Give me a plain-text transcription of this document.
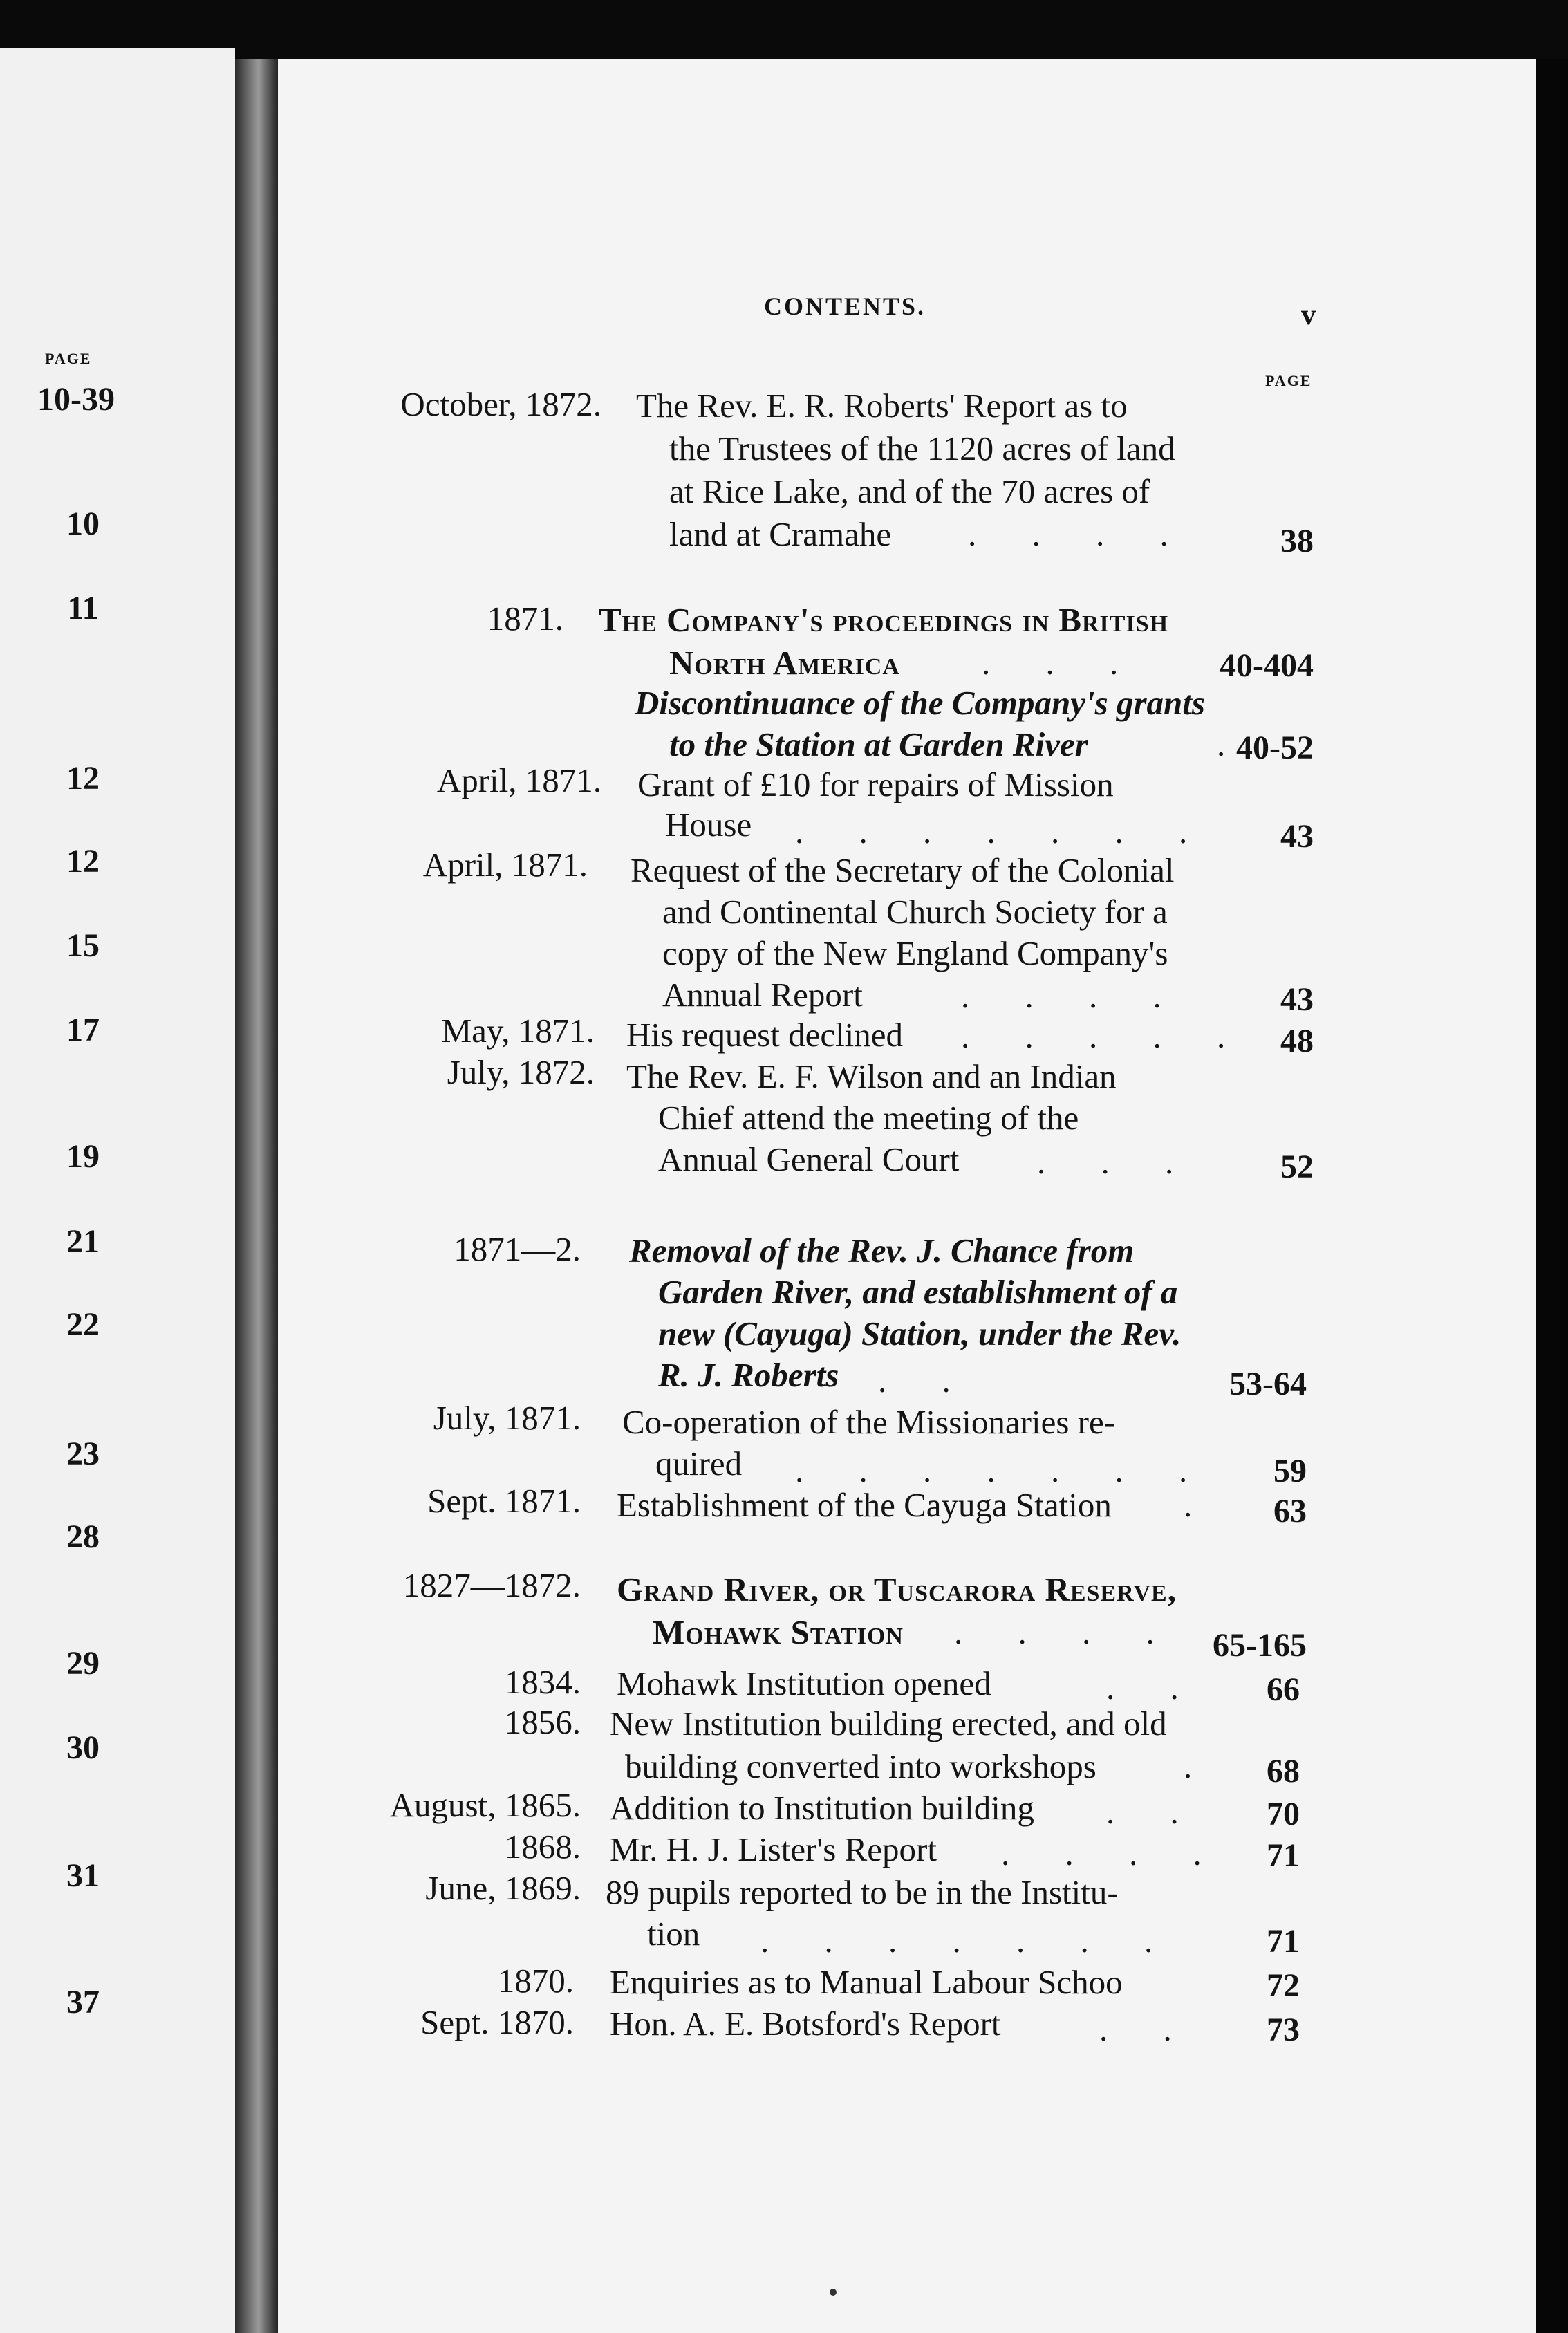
PAGE
10-39
10
11
12
12
15
17
19
21
22
23
28
29
30
31
37
CONTENTS.	v
PAGE
October, 1872. The Rev. E. R. Roberts' Report as to
the Trustees of the 1120 acres of land
at Rice Lake, and of the 70 acres of
land at Cramahe . . . .	38
1871. The Company's proceedings in British
North America . . .	40-404
Discontinuance of the Company's grants
to the Station at Garden River	. 40-52
April, 1871. Grant of £10 for repairs of Mission
House . . . . . . .	43
April, 1871. Request of the Secretary of the Colonial
and Continental Church Society for a
copy of the New England Company's
Annual Report	. . . .	43
May, 1871. His request declined . . . . . 48
July, 1872. The Rev. E. F. Wilson and an Indian
Chief attend the meeting of the
Annual General Court . . .	52
1871—2. Removal of the Rev. J. Chance from
Garden River, and establishment of a
new (Cayuga) Station, under the Rev.
R. J. Roberts . .	53-64
July, 1871. Co-operation of the Missionaries re-
quired . . . . . . .	59
Sept. 1871. Establishment of the Cayuga Station .	63
1827—1872. Grand River, or Tuscarora Reserve,
Mohawk Station . . . .	65-165
1834. Mohawk Institution opened	. .	66
1856. New Institution building erected, and old
building converted into workshops	.	68
August, 1865. Addition to Institution building . .	70
1868. Mr. H. J. Lister's Report . . . .	71
June, 1869. 89 pupils reported to be in the Institu-
tion . . . . . . .	71
1870. Enquiries as to Manual Labour Schoo	72
Sept. 1870. Hon. A. E. Botsford's Report	. .	73
